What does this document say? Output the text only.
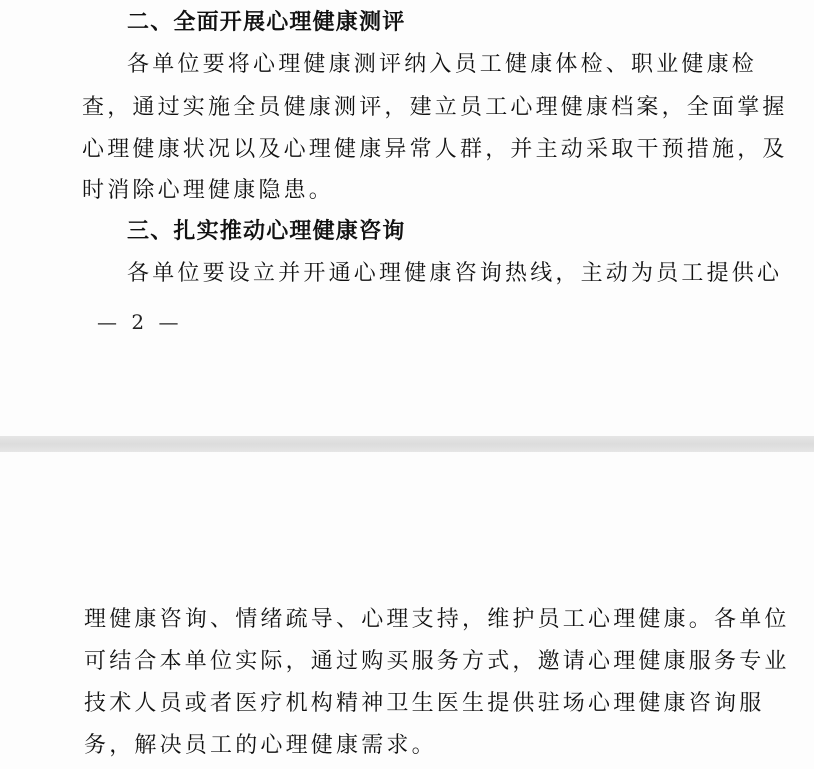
二、全面开展心理健康测评
各单位要将心理健康测评纳入员工健康体检、职业健康检
查，通过实施全员健康测评，建立员工心理健康档案，全面掌握
心理健康状况以及心理健康异常人群，并主动采取干预措施，及
时消除心理健康隐患。
三、扎实推动心理健康咨询
各单位要设立并开通心理健康咨询热线，主动为员工提供心
— 2 —
理健康咨询、情绪疏导、心理支持，维护员工心理健康。各单位
可结合本单位实际，通过购买服务方式，邀请心理健康服务专业
技术人员或者医疗机构精神卫生医生提供驻场心理健康咨询服
务，解决员工的心理健康需求。
